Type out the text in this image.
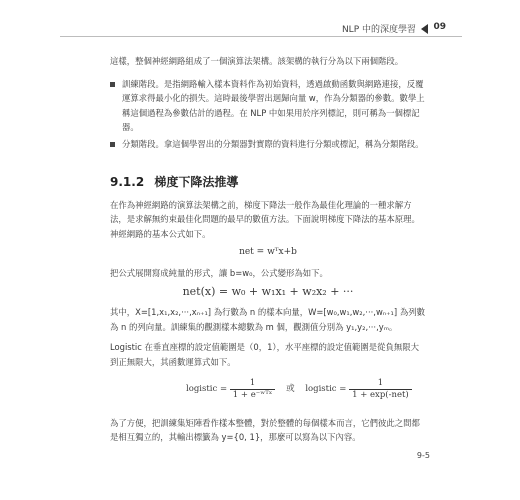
NLP 中的深度學習 09

這樣，整個神經網路組成了一個演算法架構。該架構的執行分為以下兩個階段。

訓練階段。是指網路輸入樣本資料作為初始資料，透過啟動函數與網路連接，反覆運算求得最小化的損失。這時最後學習出迴歸向量 w，作為分類器的參數。數學上稱這個過程為參數估計的過程。在 NLP 中如果用於序列標記，則可稱為一個標記器。
分類階段。拿這個學習出的分類器對實際的資料進行分類或標記，稱為分類階段。
9.1.2 梯度下降法推導

在作為神經網路的演算法架構之前，梯度下降法一般作為最佳化理論的一種求解方法，是求解無約束最佳化問題的最早的數值方法。下面說明梯度下降法的基本原理。神經網路的基本公式如下。

net = wᵀx+b

把公式展開寫成純量的形式，讓 b=w₀，公式變形為如下。

net(x) = w₀ + w₁x₁ + w₂x₂ + ···

其中，X=[1,x₁,x₂,···,xₙ₊₁] 為行數為 n 的樣本向量，W=[w₀,w₁,w₂,···,wₙ₊₁] 為列數為 n 的列向量。訓練集的觀測樣本總數為 m 個，觀測值分別為 y₁,y₂,···,yₘ。

Logistic 在垂直座標的設定值範圍是（0，1），水平座標的設定值範圍是從負無限大到正無限大，其函數運算式如下。

logistic = $\frac{1}{\text{1 + e⁻ʷᵀˣ}}$ 或 logistic = $\frac{1}{\text{1 + exp(-net)}}$

為了方便，把訓練集矩陣看作樣本整體，對於整體的每個樣本而言，它們彼此之間都是相互獨立的，其輸出標籤為 y={0, 1}，那麼可以寫為以下內容。

9-5
